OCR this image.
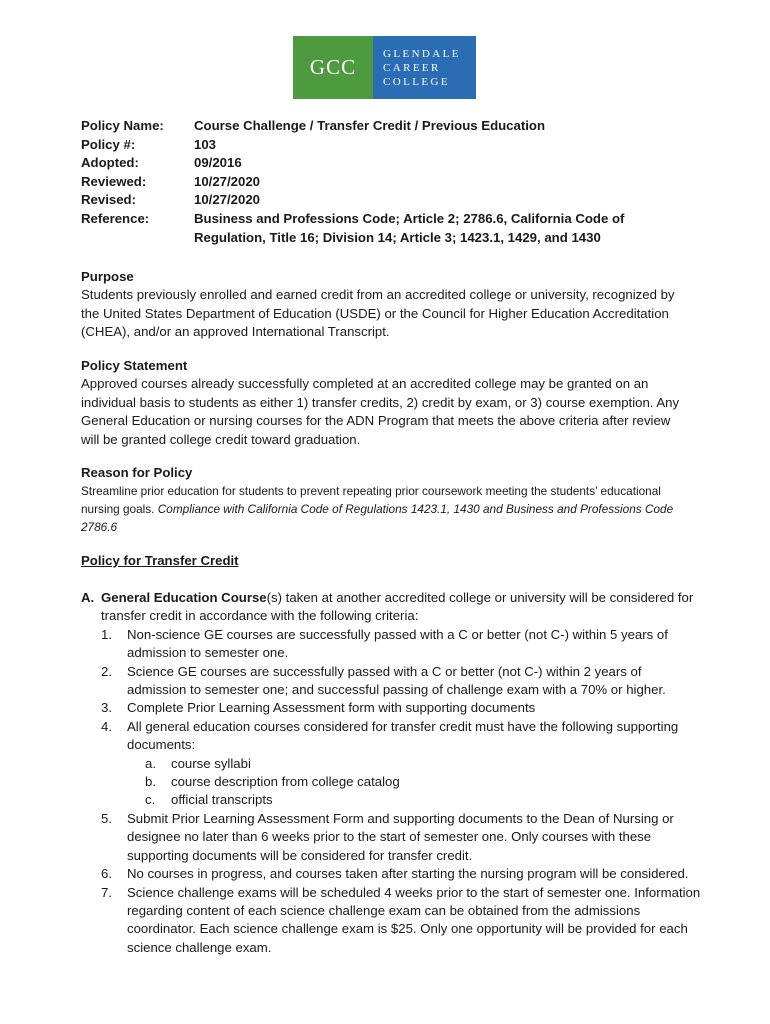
GCC
GLENDALE
CAREER
COLLEGE
Policy Name:	Course Challenge / Transfer Credit / Previous Education
Policy #:	103
Adopted:	09/2016
Reviewed:	10/27/2020
Revised:	10/27/2020
Reference:	Business and Professions Code; Article 2; 2786.6, California Code of Regulation, Title 16; Division 14; Article 3; 1423.1, 1429, and 1430
Purpose
Students previously enrolled and earned credit from an accredited college or university, recognized by the United States Department of Education (USDE) or the Council for Higher Education Accreditation (CHEA), and/or an approved International Transcript.
Policy Statement
Approved courses already successfully completed at an accredited college may be granted on an individual basis to students as either 1) transfer credits, 2) credit by exam, or 3) course exemption. Any General Education or nursing courses for the ADN Program that meets the above criteria after review will be granted college credit toward graduation.
Reason for Policy
Streamline prior education for students to prevent repeating prior coursework meeting the students’ educational nursing goals. Compliance with California Code of Regulations 1423.1, 1430 and Business and Professions Code 2786.6
Policy for Transfer Credit
A. General Education Course(s) taken at another accredited college or university will be considered for transfer credit in accordance with the following criteria:
1. Non-science GE courses are successfully passed with a C or better (not C-) within 5 years of admission to semester one.
2. Science GE courses are successfully passed with a C or better (not C-) within 2 years of admission to semester one; and successful passing of challenge exam with a 70% or higher.
3. Complete Prior Learning Assessment form with supporting documents
4. All general education courses considered for transfer credit must have the following supporting documents:
a. course syllabi
b. course description from college catalog
c. official transcripts
5. Submit Prior Learning Assessment Form and supporting documents to the Dean of Nursing or designee no later than 6 weeks prior to the start of semester one. Only courses with these supporting documents will be considered for transfer credit.
6. No courses in progress, and courses taken after starting the nursing program will be considered.
7. Science challenge exams will be scheduled 4 weeks prior to the start of semester one. Information regarding content of each science challenge exam can be obtained from the admissions coordinator. Each science challenge exam is $25. Only one opportunity will be provided for each science challenge exam.
